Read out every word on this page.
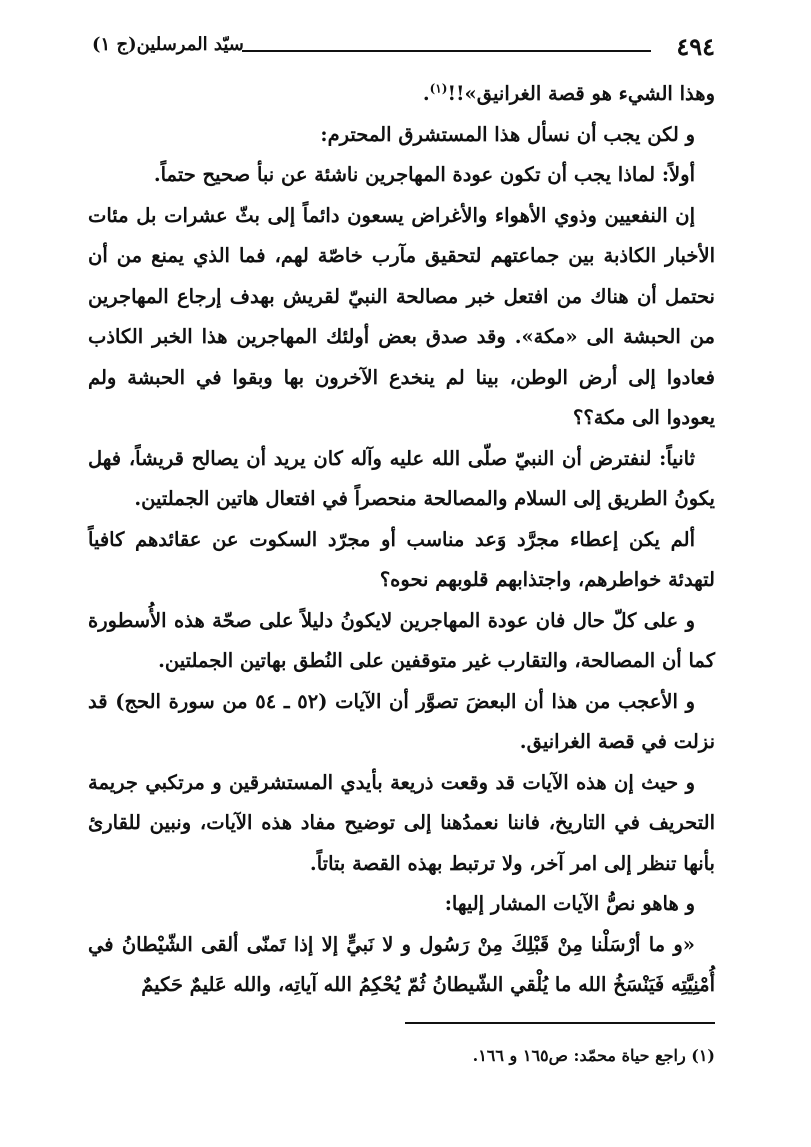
٤٩٤
سيّد المرسلين(ج ١)

وهذا الشيء هو قصة الغرانيق»!!$^{(١)}$.

و لكن يجب أن نسأل هذا المستشرق المحترم:

أولاً: لماذا يجب أن تكون عودة المهاجرين ناشئة عن نبأ صحيح حتماً.

إن النفعيين وذوي الأهواء والأغراض يسعون دائماً إلى بثّ عشرات بل مئات الأخبار الكاذبة بين جماعتهم لتحقيق مآرب خاصّة لهم، فما الذي يمنع من أن نحتمل أن هناك من افتعل خبر مصالحة النبيّ لقريش بهدف إرجاع المهاجرين من الحبشة الى «مكة». وقد صدق بعض أولئك المهاجرين هذا الخبر الكاذب فعادوا إلى أرض الوطن، بينا لم ينخدع الآخرون بها وبقوا في الحبشة ولم يعودوا الى مكة؟؟

ثانياً: لنفترض أن النبيّ صلّى الله عليه وآله كان يريد أن يصالح قريشاً، فهل يكونُ الطريق إلى السلام والمصالحة منحصراً في افتعال هاتين الجملتين.

ألم يكن إعطاء مجرَّد وَعد مناسب أو مجرّد السكوت عن عقائدهم كافياً لتهدئة خواطرهم، واجتذابهم قلوبهم نحوه؟

و على كلّ حال فان عودة المهاجرين لايكونُ دليلاً على صحّة هذه الأُسطورة كما أن المصالحة، والتقارب غير متوقفين على النُطق بهاتين الجملتين.

و الأعجب من هذا أن البعضَ تصوَّر أن الآيات (٥٢ ـ ٥٤ من سورة الحج) قد نزلت في قصة الغرانيق.

و حيث إن هذه الآيات قد وقعت ذريعة بأيدي المستشرقين و مرتكبي جريمة التحريف في التاريخ، فاننا نعمدُهنا إلى توضيح مفاد هذه الآيات، ونبين للقارئ بأنها تنظر إلى امر آخر، ولا ترتبط بهذه القصة بتاتاً.

و هاهو نصُّ الآيات المشار إليها:

«و ما أرْسَلْنا مِنْ قَبْلِكَ مِنْ رَسُول و لا نَبيٍّ إلا إذا تَمنّى ألقى الشّيْطانُ في أُمْنِيَّتِه فَيَنْسَخُ الله ما يُلْقي الشّيطانُ ثُمّ يُحْكِمُ الله آياتِه، والله عَليمٌ حَكيمٌ

(١) راجع حياة محمّد: ص١٦٥ و ١٦٦.
